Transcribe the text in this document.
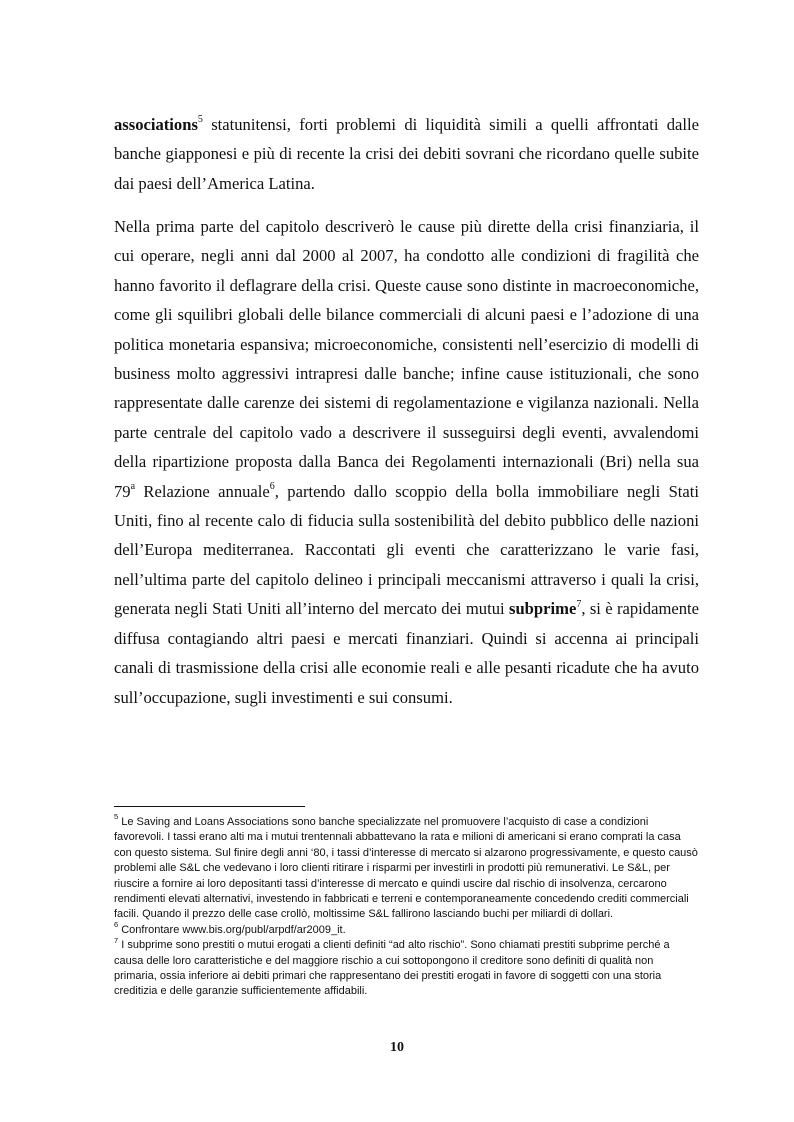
associations$^5$ statunitensi, forti problemi di liquidità simili a quelli affrontati dalle banche giapponesi e più di recente la crisi dei debiti sovrani che ricordano quelle subite dai paesi dell’America Latina.

Nella prima parte del capitolo descriverò le cause più dirette della crisi finanziaria, il cui operare, negli anni dal 2000 al 2007, ha condotto alle condizioni di fragilità che hanno favorito il deflagrare della crisi. Queste cause sono distinte in macroeconomiche, come gli squilibri globali delle bilance commerciali di alcuni paesi e l’adozione di una politica monetaria espansiva; microeconomiche, consistenti nell’esercizio di modelli di business molto aggressivi intrapresi dalle banche; infine cause istituzionali, che sono rappresentate dalle carenze dei sistemi di regolamentazione e vigilanza nazionali. Nella parte centrale del capitolo vado a descrivere il susseguirsi degli eventi, avvalendomi della ripartizione proposta dalla Banca dei Regolamenti internazionali (Bri) nella sua 79$^a$ Relazione annuale$^6$, partendo dallo scoppio della bolla immobiliare negli Stati Uniti, fino al recente calo di fiducia sulla sostenibilità del debito pubblico delle nazioni dell’Europa mediterranea. Raccontati gli eventi che caratterizzano le varie fasi, nell’ultima parte del capitolo delineo i principali meccanismi attraverso i quali la crisi, generata negli Stati Uniti all’interno del mercato dei mutui subprime$^7$, si è rapidamente diffusa contagiando altri paesi e mercati finanziari. Quindi si accenna ai principali canali di trasmissione della crisi alle economie reali e alle pesanti ricadute che ha avuto sull’occupazione, sugli investimenti e sui consumi.

$^5$ Le Saving and Loans Associations sono banche specializzate nel promuovere l’acquisto di case a condizioni favorevoli. I tassi erano alti ma i mutui trentennali abbattevano la rata e milioni di americani si erano comprati la casa con questo sistema. Sul finire degli anni ‘80, i tassi d’interesse di mercato si alzarono progressivamente, e questo causò problemi alle S&L che vedevano i loro clienti ritirare i risparmi per investirli in prodotti più remunerativi. Le S&L, per riuscire a fornire ai loro depositanti tassi d’interesse di mercato e quindi uscire dal rischio di insolvenza, cercarono rendimenti elevati alternativi, investendo in fabbricati e terreni e contemporaneamente concedendo crediti commerciali facili. Quando il prezzo delle case crollò, moltissime S&L fallirono lasciando buchi per miliardi di dollari.

$^6$ Confrontare www.bis.org/publ/arpdf/ar2009_it.

$^7$ I subprime sono prestiti o mutui erogati a clienti definiti “ad alto rischio”. Sono chiamati prestiti subprime perché a causa delle loro caratteristiche e del maggiore rischio a cui sottopongono il creditore sono definiti di qualità non primaria, ossia inferiore ai debiti primari che rappresentano dei prestiti erogati in favore di soggetti con una storia creditizia e delle garanzie sufficientemente affidabili.

10
